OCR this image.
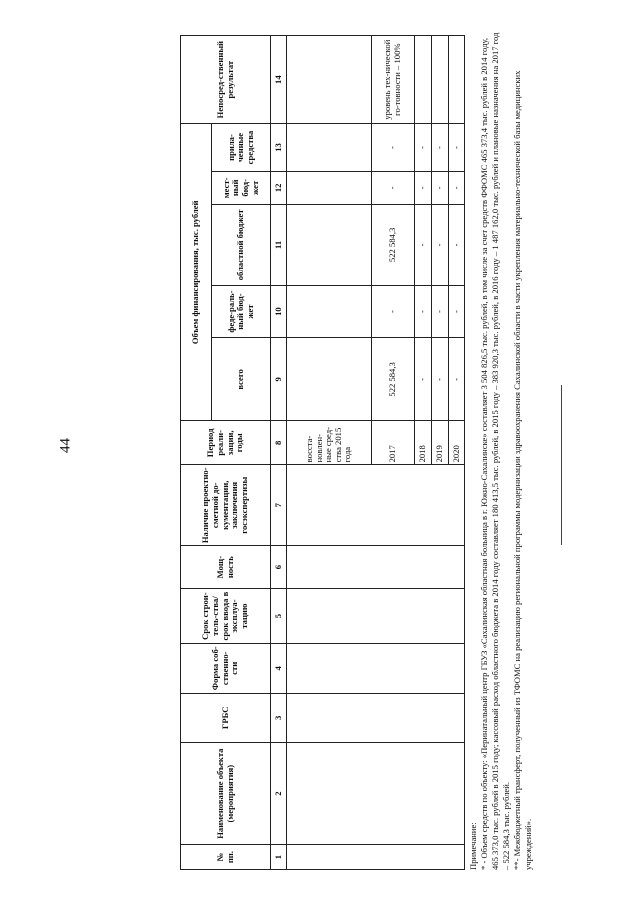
44
№ пп.	Наименование объекта (мероприятия)	ГРБС	Форма соб-ственно-сти	Срок строи-тель-ства/срок ввода в эксплуа-тацию	Мощ-ность	Наличие проектно-сметной до-кументации, заключения госэкспертизы	Период реали-зации, годы	Объем финансирования, тыс. рублей					Непосред-ственный результат
								всего	феде-раль-ный бюд-жет	областной бюджет	мест-ный бюд-жет	прила-ченные средства	
1	2	3	4	5	6	7	8	9	10	11	12	13	14
							восста-новлен-ные сред-ства 2015 года						
							2017	522 584,3	-	522 584,3	-	-	уровень тех-нической го-товности – 100%
							2018	-	-	-	-	-	
							2019	-	-	-	-	-	
							2020	-	-	-	-	-	

Примечание: * - Объем средств по объекту: «Перинатальный центр ГБУЗ «Сахалинская областная больница в г. Южно-Сахалинске» составляет 3 504 826,5 тыс. рублей, в том числе за счет средств ФФОМС 465 373,4 тыс. рублей в 2014 году, 465 373,0 тыс. рублей в 2015 году; кассовый расход областного бюджета в 2014 году составляет 180 413,5 тыс. рублей, в 2015 году – 383 920,3 тыс. рублей, в 2016 году – 1 487 162,0 тыс. рублей и плановые назначения на 2017 год – 522 584,3 тыс. рублей. **- Межбюджетный трансферт, полученный из ТФОМС на реализацию региональной программы модернизации здравоохранения Сахалинской области в части укрепления материально-технической базы медицинских учреждений».
